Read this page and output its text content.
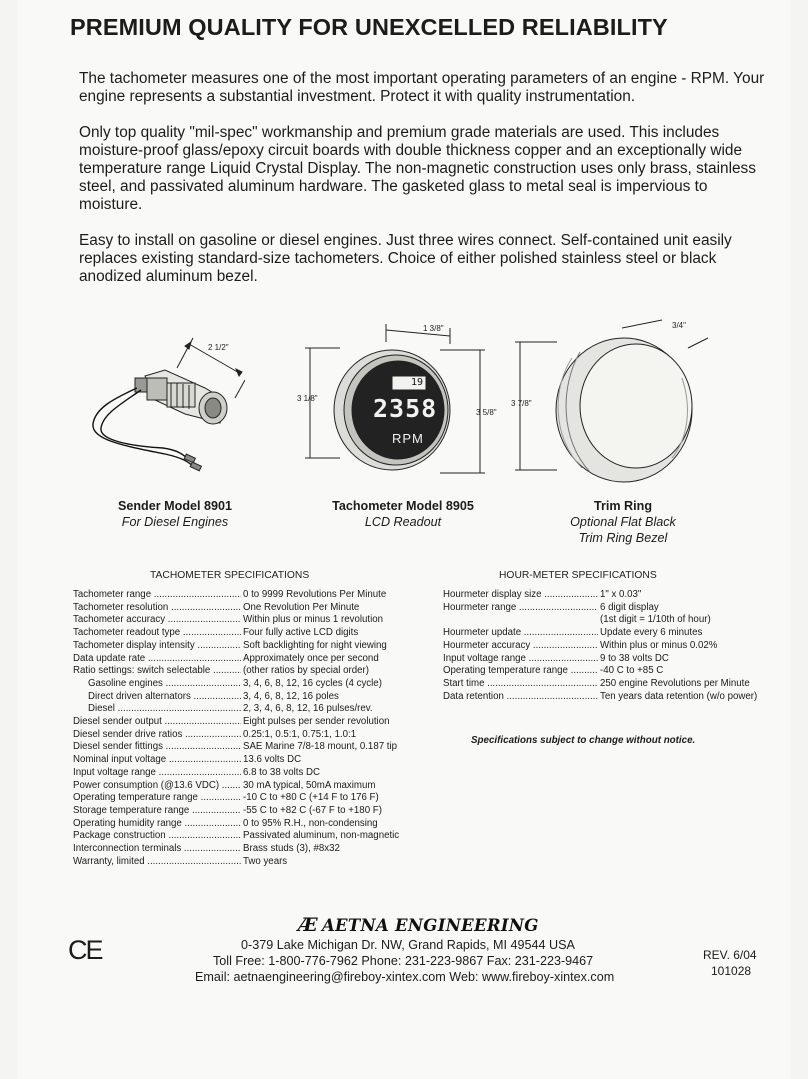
PREMIUM QUALITY FOR UNEXCELLED RELIABILITY

The tachometer measures one of the most important operating parameters of an engine - RPM. Your engine represents a substantial investment. Protect it with quality instrumentation.

Only top quality "mil-spec" workmanship and premium grade materials are used. This includes moisture-proof glass/epoxy circuit boards with double thickness copper and an exceptionally wide temperature range Liquid Crystal Display. The non-magnetic construction uses only brass, stainless steel, and passivated aluminum hardware. The gasketed glass to metal seal is impervious to moisture.

Easy to install on gasoline or diesel engines. Just three wires connect. Self-contained unit easily replaces existing standard-size tachometers. Choice of either polished stainless steel or black anodized aluminum bezel.

2 1/2"
1 3/8"
3 1/8"
3 5/8"
19
2358
RPM
3/4"
3 7/8"
Sender Model 8901
For Diesel Engines
Tachometer Model 8905
LCD Readout
Trim Ring
Optional Flat Black
Trim Ring Bezel
TACHOMETER SPECIFICATIONS
Tachometer range .....	0 to 9999 Revolutions Per Minute
Tachometer resolution .....	One Revolution Per Minute
Tachometer accuracy .....	Within plus or minus 1 revolution
Tachometer readout type .....	Four fully active LCD digits
Tachometer display intensity .....	Soft backlighting for night viewing
Data update rate .....	Approximately once per second
Ratio settings: switch selectable .....	(other ratios by special order)
Gasoline engines .....	3, 4, 6, 8, 12, 16 cycles (4 cycle)
Direct driven alternators .....	3, 4, 6, 8, 12, 16 poles
Diesel .....	2, 3, 4, 6, 8, 12, 16 pulses/rev.
Diesel sender output .....	Eight pulses per sender revolution
Diesel sender drive ratios .....	0.25:1, 0.5:1, 0.75:1, 1.0:1
Diesel sender fittings .....	SAE Marine 7/8-18 mount, 0.187 tip
Nominal input voltage .....	13.6 volts DC
Input voltage range .....	6.8 to 38 volts DC
Power consumption (@13.6 VDC) .....	30 mA typical, 50mA maximum
Operating temperature range .....	-10 C to +80 C (+14 F to 176 F)
Storage temperature range .....	-55 C to +82 C (-67 F to +180 F)
Operating humidity range .....	0 to 95% R.H., non-condensing
Package construction .....	Passivated aluminum, non-magnetic
Interconnection terminals .....	Brass studs (3), #8x32
Warranty, limited .....	Two years
HOUR-METER SPECIFICATIONS
Hourmeter display size .....	1" x 0.03"
Hourmeter range .....	6 digit display
(1st digit = 1/10th of hour)
Hourmeter update .....	Update every 6 minutes
Hourmeter accuracy .....	Within plus or minus 0.02%
Input voltage range .....	9 to 38 volts DC
Operating temperature range .....	-40 C to +85 C
Start time .....	250 engine Revolutions per Minute
Data retention .....	Ten years data retention (w/o power)
Specifications subject to change without notice.
Æ AETNA ENGINEERING
0-379 Lake Michigan Dr. NW, Grand Rapids, MI 49544 USA
Toll Free: 1-800-776-7962 Phone: 231-223-9867 Fax: 231-223-9467
Email: aetnaengineering@fireboy-xintex.com Web: www.fireboy-xintex.com
CE	REV. 6/04
101028
